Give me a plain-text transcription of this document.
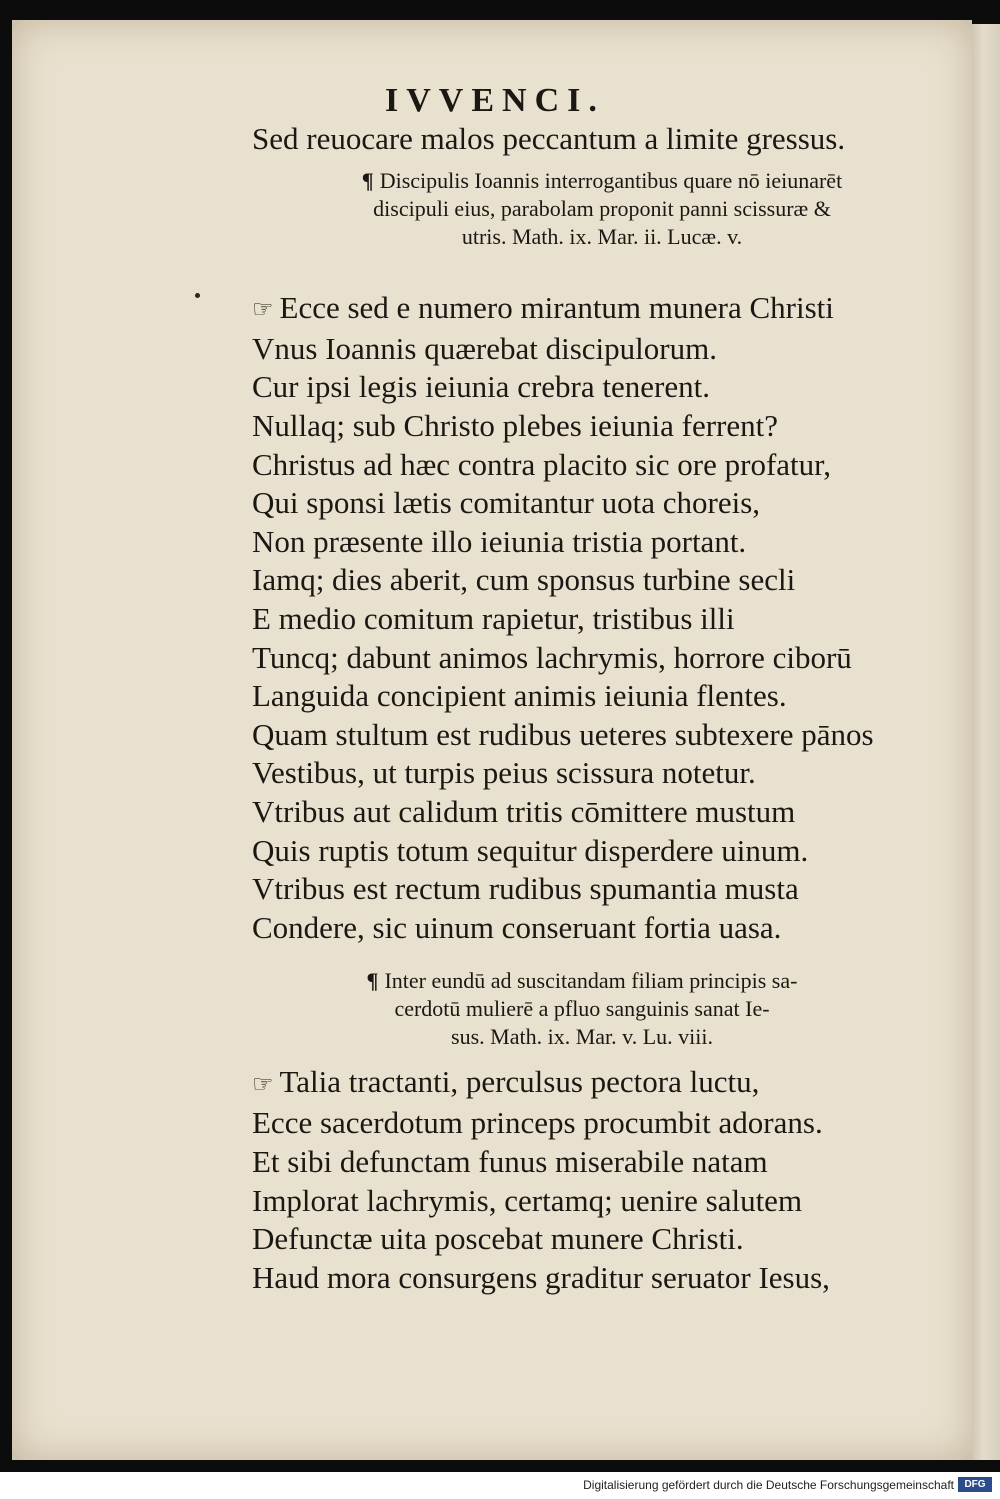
IVVENCI.
Sed reuocare malos peccantum a limite gressus.
¶ Discipulis Ioannis interrogantibus quare nō ieiunarēt
discipuli eius, parabolam proponit panni scissuræ &
utris. Math. ix. Mar. ii. Lucæ. v.
☞ Ecce sed e numero mirantum munera Christi
Vnus Ioannis quærebat discipulorum.
Cur ipsi legis ieiunia crebra tenerent.
Nullaq; sub Christo plebes ieiunia ferrent?
Christus ad hæc contra placito sic ore profatur,
Qui sponsi lætis comitantur uota choreis,
Non præsente illo ieiunia tristia portant.
Iamq; dies aberit, cum sponsus turbine secli
E medio comitum rapietur, tristibus illi
Tuncq; dabunt animos lachrymis, horrore ciborū
Languida concipient animis ieiunia flentes.
Quam stultum est rudibus ueteres subtexere pānos
Vestibus, ut turpis peius scissura notetur.
Vtribus aut calidum tritis cōmittere mustum
Quis ruptis totum sequitur disperdere uinum.
Vtribus est rectum rudibus spumantia musta
Condere, sic uinum conseruant fortia uasa.
¶ Inter eundū ad suscitandam filiam principis sa-
cerdotū mulierē a pfluo sanguinis sanat Ie-
sus. Math. ix. Mar. v. Lu. viii.
☞ Talia tractanti, perculsus pectora luctu,
Ecce sacerdotum princeps procumbit adorans.
Et sibi defunctam funus miserabile natam
Implorat lachrymis, certamq; uenire salutem
Defunctæ uita poscebat munere Christi.
Haud mora consurgens graditur seruator Iesus,
Digitalisierung gefördert durch die Deutsche Forschungsgemeinschaft	DFG
